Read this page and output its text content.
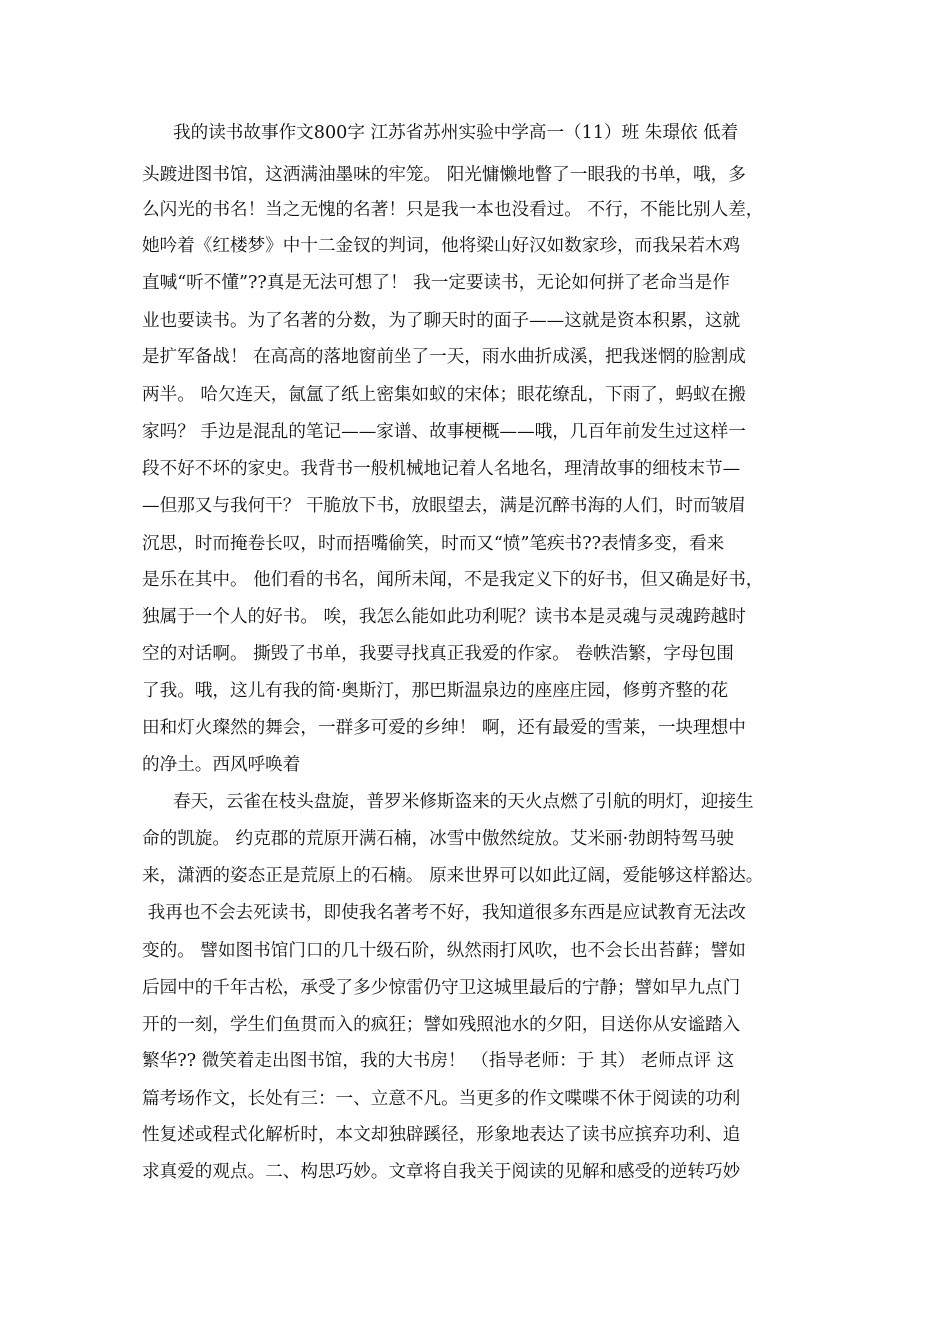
我的读书故事作文800字 江苏省苏州实验中学高一（11）班 朱璟依 低着
头踱进图书馆，这洒满油墨味的牢笼。 阳光慵懒地瞥了一眼我的书单，哦，多
么闪光的书名！当之无愧的名著！只是我一本也没看过。 不行，不能比别人差，
她吟着《红楼梦》中十二金钗的判词，他将梁山好汉如数家珍，而我呆若木鸡
直喊“听不懂”??真是无法可想了！ 我一定要读书，无论如何拼了老命当是作
业也要读书。为了名著的分数，为了聊天时的面子——这就是资本积累，这就
是扩军备战！ 在高高的落地窗前坐了一天，雨水曲折成溪，把我迷惘的脸割成
两半。 哈欠连天，氤氲了纸上密集如蚁的宋体；眼花缭乱，下雨了，蚂蚁在搬
家吗？ 手边是混乱的笔记——家谱、故事梗概——哦，几百年前发生过这样一
段不好不坏的家史。我背书一般机械地记着人名地名，理清故事的细枝末节—
—但那又与我何干？ 干脆放下书，放眼望去，满是沉醉书海的人们，时而皱眉
沉思，时而掩卷长叹，时而捂嘴偷笑，时而又“愤”笔疾书??表情多变，看来
是乐在其中。 他们看的书名，闻所未闻，不是我定义下的好书，但又确是好书，
独属于一个人的好书。 唉，我怎么能如此功利呢？读书本是灵魂与灵魂跨越时
空的对话啊。 撕毁了书单，我要寻找真正我爱的作家。 卷帙浩繁，字母包围
了我。哦，这儿有我的简·奥斯汀，那巴斯温泉边的座座庄园，修剪齐整的花
田和灯火璨然的舞会，一群多可爱的乡绅！ 啊，还有最爱的雪莱，一块理想中
的净土。西风呼唤着
春天，云雀在枝头盘旋，普罗米修斯盗来的天火点燃了引航的明灯，迎接生
命的凯旋。 约克郡的荒原开满石楠，冰雪中傲然绽放。艾米丽·勃朗特驾马驶
来，潇洒的姿态正是荒原上的石楠。 原来世界可以如此辽阔，爱能够这样豁达。
我再也不会去死读书，即使我名著考不好，我知道很多东西是应试教育无法改
变的。 譬如图书馆门口的几十级石阶，纵然雨打风吹，也不会长出苔藓；譬如
后园中的千年古松，承受了多少惊雷仍守卫这城里最后的宁静；譬如早九点门
开的一刻，学生们鱼贯而入的疯狂；譬如残照池水的夕阳，目送你从安谧踏入
繁华?? 微笑着走出图书馆，我的大书房！ （指导老师：于 其） 老师点评 这
篇考场作文，长处有三：一、立意不凡。当更多的作文喋喋不休于阅读的功利
性复述或程式化解析时，本文却独辟蹊径，形象地表达了读书应摈弃功利、追
求真爱的观点。二、构思巧妙。文章将自我关于阅读的见解和感受的逆转巧妙
